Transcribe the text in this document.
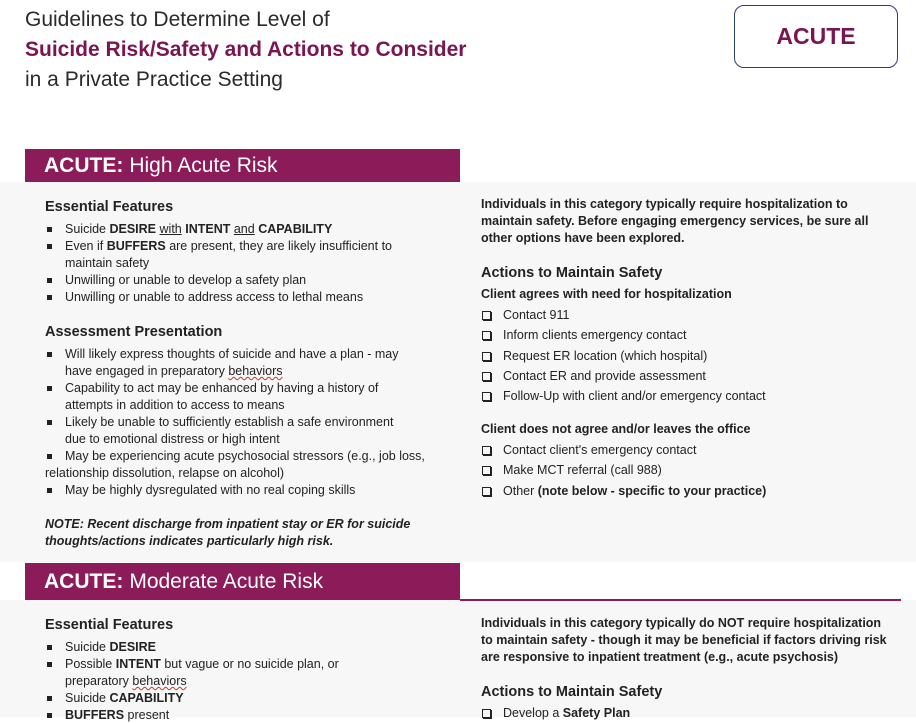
Guidelines to Determine Level of
Suicide Risk/Safety and Actions to Consider
in a Private Practice Setting
ACUTE
ACUTE: High Acute Risk
Essential Features
Suicide DESIRE with INTENT and CAPABILITY
Even if BUFFERS are present, they are likely insufficient to
maintain safety
Unwilling or unable to develop a safety plan
Unwilling or unable to address access to lethal means
Assessment Presentation
Will likely express thoughts of suicide and have a plan - may
have engaged in preparatory behaviors
Capability to act may be enhanced by having a history of
attempts in addition to access to means
Likely be unable to sufficiently establish a safe environment
due to emotional distress or high intent
May be experiencing acute psychosocial stressors (e.g., job loss,
relationship dissolution, relapse on alcohol)
May be highly dysregulated with no real coping skills
NOTE: Recent discharge from inpatient stay or ER for suicide
thoughts/actions indicates particularly high risk.
Individuals in this category typically require hospitalization to
maintain safety. Before engaging emergency services, be sure all
other options have been explored.
Actions to Maintain Safety
Client agrees with need for hospitalization
Contact 911
Inform clients emergency contact
Request ER location (which hospital)
Contact ER and provide assessment
Follow-Up with client and/or emergency contact
Client does not agree and/or leaves the office
Contact client's emergency contact
Make MCT referral (call 988)
Other (note below - specific to your practice)
ACUTE: Moderate Acute Risk
Essential Features
Suicide DESIRE
Possible INTENT but vague or no suicide plan, or
preparatory behaviors
Suicide CAPABILITY
BUFFERS present
Individuals in this category typically do NOT require hospitalization
to maintain safety - though it may be beneficial if factors driving risk
are responsive to inpatient treatment (e.g., acute psychosis)
Actions to Maintain Safety
Develop a Safety Plan
